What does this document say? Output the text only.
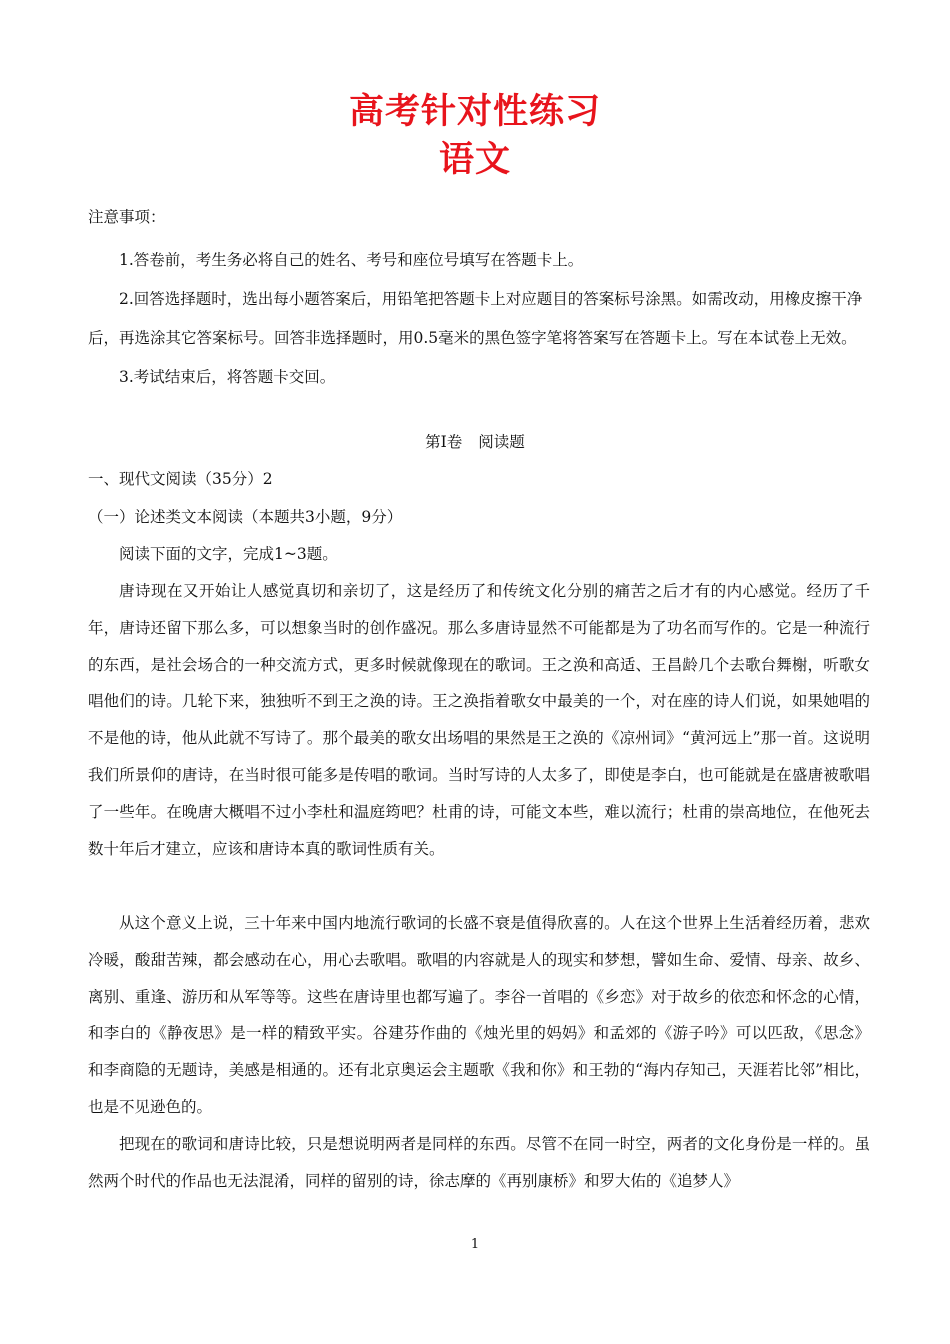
高考针对性练习
语文
注意事项：

1.答卷前，考生务必将自己的姓名、考号和座位号填写在答题卡上。

2.回答选择题时，选出每小题答案后，用铅笔把答题卡上对应题目的答案标号涂黑。如需改动，用橡皮擦干净后，再选涂其它答案标号。回答非选择题时，用0.5毫米的黑色签字笔将答案写在答题卡上。写在本试卷上无效。

3.考试结束后，将答题卡交回。

第Ⅰ卷 阅读题
一、现代文阅读（35分）2
（一）论述类文本阅读（本题共3小题，9分）
阅读下面的文字，完成1~3题。

唐诗现在又开始让人感觉真切和亲切了，这是经历了和传统文化分别的痛苦之后才有的内心感觉。经历了千年，唐诗还留下那么多，可以想象当时的创作盛况。那么多唐诗显然不可能都是为了功名而写作的。它是一种流行的东西，是社会场合的一种交流方式，更多时候就像现在的歌词。王之涣和高适、王昌龄几个去歌台舞榭，听歌女唱他们的诗。几轮下来，独独听不到王之涣的诗。王之涣指着歌女中最美的一个，对在座的诗人们说，如果她唱的不是他的诗，他从此就不写诗了。那个最美的歌女出场唱的果然是王之涣的《凉州词》“黄河远上”那一首。这说明我们所景仰的唐诗，在当时很可能多是传唱的歌词。当时写诗的人太多了，即使是李白，也可能就是在盛唐被歌唱了一些年。在晚唐大概唱不过小李杜和温庭筠吧？杜甫的诗，可能文本些，难以流行；杜甫的崇高地位，在他死去数十年后才建立，应该和唐诗本真的歌词性质有关。

从这个意义上说，三十年来中国内地流行歌词的长盛不衰是值得欣喜的。人在这个世界上生活着经历着，悲欢冷暖，酸甜苦辣，都会感动在心，用心去歌唱。歌唱的内容就是人的现实和梦想，譬如生命、爱情、母亲、故乡、离别、重逢、游历和从军等等。这些在唐诗里也都写遍了。李谷一首唱的《乡恋》对于故乡的依恋和怀念的心情，和李白的《静夜思》是一样的精致平实。谷建芬作曲的《烛光里的妈妈》和孟郊的《游子吟》可以匹敌，《思念》和李商隐的无题诗，美感是相通的。还有北京奥运会主题歌《我和你》和王勃的“海内存知己，天涯若比邻”相比，也是不见逊色的。

把现在的歌词和唐诗比较，只是想说明两者是同样的东西。尽管不在同一时空，两者的文化身份是一样的。虽然两个时代的作品也无法混淆，同样的留别的诗，徐志摩的《再别康桥》和罗大佑的《追梦人》

1
